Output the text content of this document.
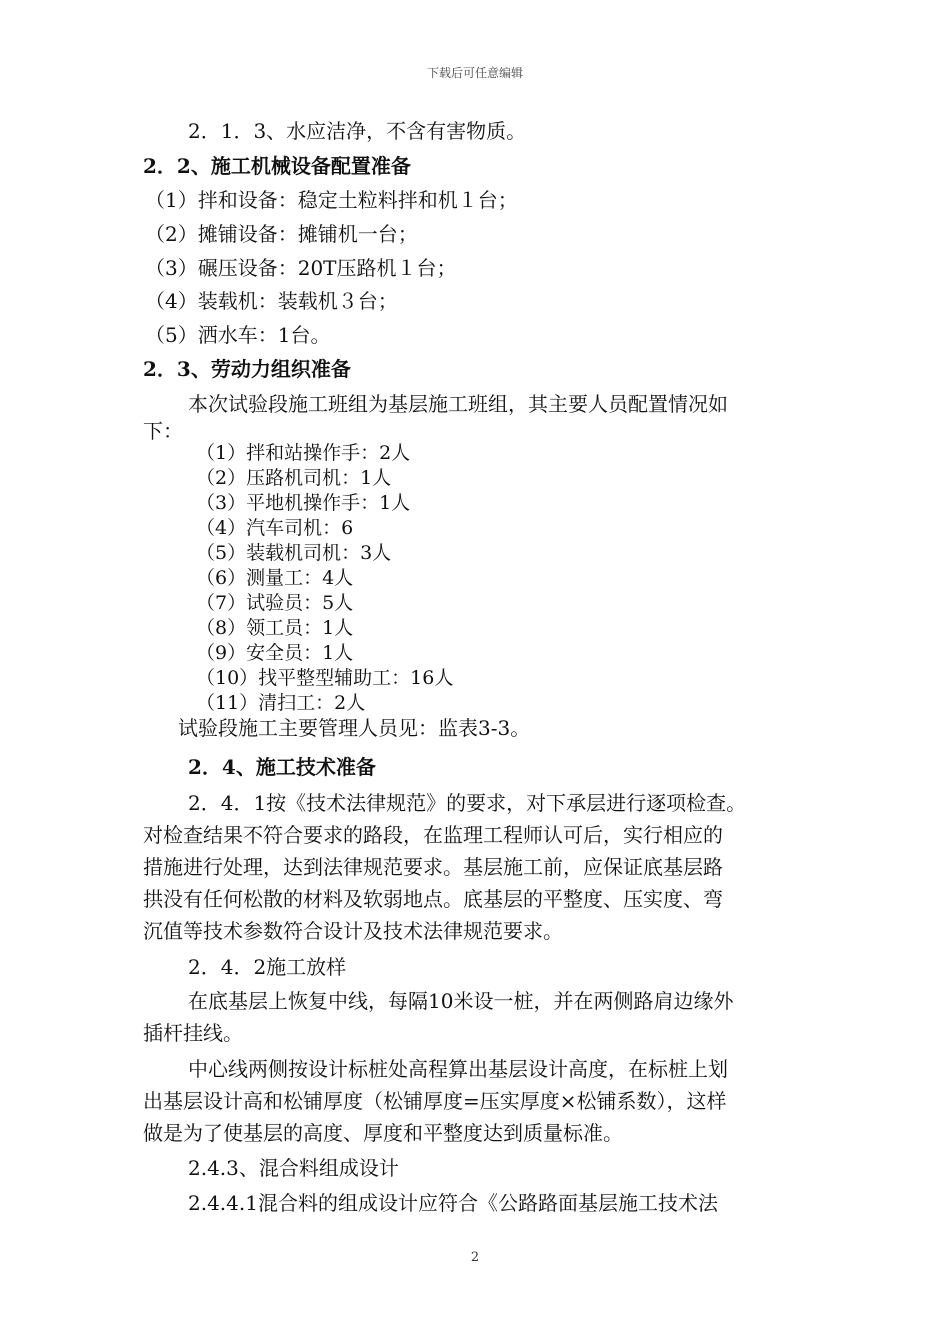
下载后可任意编辑
2．1．3、水应洁净，不含有害物质。
2．2、施工机械设备配置准备
（1）拌和设备：稳定土粒料拌和机１台；
（2）摊铺设备：摊铺机一台；
（3）碾压设备：20T压路机１台；
（4）装载机：装载机３台；
（5）洒水车：1台。
2．3、劳动力组织准备
本次试验段施工班组为基层施工班组，其主要人员配置情况如
下：
（1）拌和站操作手：2人
（2）压路机司机：1人
（3）平地机操作手：1人
（4）汽车司机：6
（5）装载机司机：3人
（6）测量工：4人
（7）试验员：5人
（8）领工员：1人
（9）安全员：1人
（10）找平整型辅助工：16人
（11）清扫工：2人
试验段施工主要管理人员见：监表3-3。
2．4、施工技术准备
2．4．1按《技术法律规范》的要求，对下承层进行逐项检查。
对检查结果不符合要求的路段，在监理工程师认可后，实行相应的
措施进行处理，达到法律规范要求。基层施工前，应保证底基层路
拱没有任何松散的材料及软弱地点。底基层的平整度、压实度、弯
沉值等技术参数符合设计及技术法律规范要求。
2．4．2施工放样
在底基层上恢复中线，每隔10米设一桩，并在两侧路肩边缘外
插杆挂线。
中心线两侧按设计标桩处高程算出基层设计高度，在标桩上划
出基层设计高和松铺厚度（松铺厚度=压实厚度×松铺系数），这样
做是为了使基层的高度、厚度和平整度达到质量标准。
2.4.3、混合料组成设计
2.4.4.1混合料的组成设计应符合《公路路面基层施工技术法
2
